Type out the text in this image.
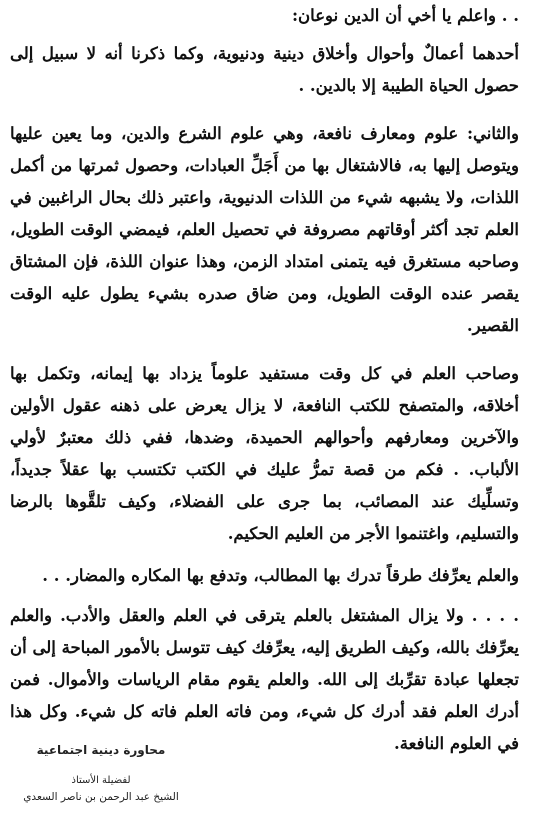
. . واعلم يا أخي أن الدين نوعان:

أحدهما أعمالٌ وأحوال وأخلاق دينية ودنيوية، وكما ذكرنا أنه لا سبيل إلى حصول الحياة الطيبة إلا بالدين. .

والثاني: علوم ومعارف نافعة، وهي علوم الشرع والدين، وما يعين عليها ويتوصل إليها به، فالاشتغال بها من أَجَلِّ العبادات، وحصول ثمرتها من أكمل اللذات، ولا يشبهه شيء من اللذات الدنيوية، واعتبر ذلك بحال الراغبين في العلم تجد أكثر أوقاتهم مصروفة في تحصيل العلم، فيمضي الوقت الطويل، وصاحبه مستغرق فيه يتمنى امتداد الزمن، وهذا عنوان اللذة، فإن المشتاق يقصر عنده الوقت الطويل، ومن ضاق صدره بشيء يطول عليه الوقت القصير.

وصاحب العلم في كل وقت مستفيد علوماً يزداد بها إيمانه، وتكمل بها أخلاقه، والمتصفح للكتب النافعة، لا يزال يعرض على ذهنه عقول الأولين والآخرين ومعارفهم وأحوالهم الحميدة، وضدها، ففي ذلك معتبرٌ لأولي الألباب. . فكم من قصة تمرُّ عليك في الكتب تكتسب بها عقلاً جديداً، وتسلِّيك عند المصائب، بما جرى على الفضلاء، وكيف تلقَّوها بالرضا والتسليم، واغتنموا الأجر من العليم الحكيم.

والعلم يعرِّفك طرقاً تدرك بها المطالب، وتدفع بها المكاره والمضار. . .

. . . . ولا يزال المشتغل بالعلم يترقى في العلم والعقل والأدب. والعلم يعرِّفك بالله، وكيف الطريق إليه، يعرِّفك كيف تتوسل بالأمور المباحة إلى أن تجعلها عبادة تقرِّبك إلى الله. والعلم يقوم مقام الرياسات والأموال. فمن أدرك العلم فقد أدرك كل شيء، ومن فاته العلم فاته كل شيء. وكل هذا في العلوم النافعة.

محاورة دينية اجتماعية
لفضيلة الأستاذ
الشيخ عبد الرحمن بن ناصر السعدي
